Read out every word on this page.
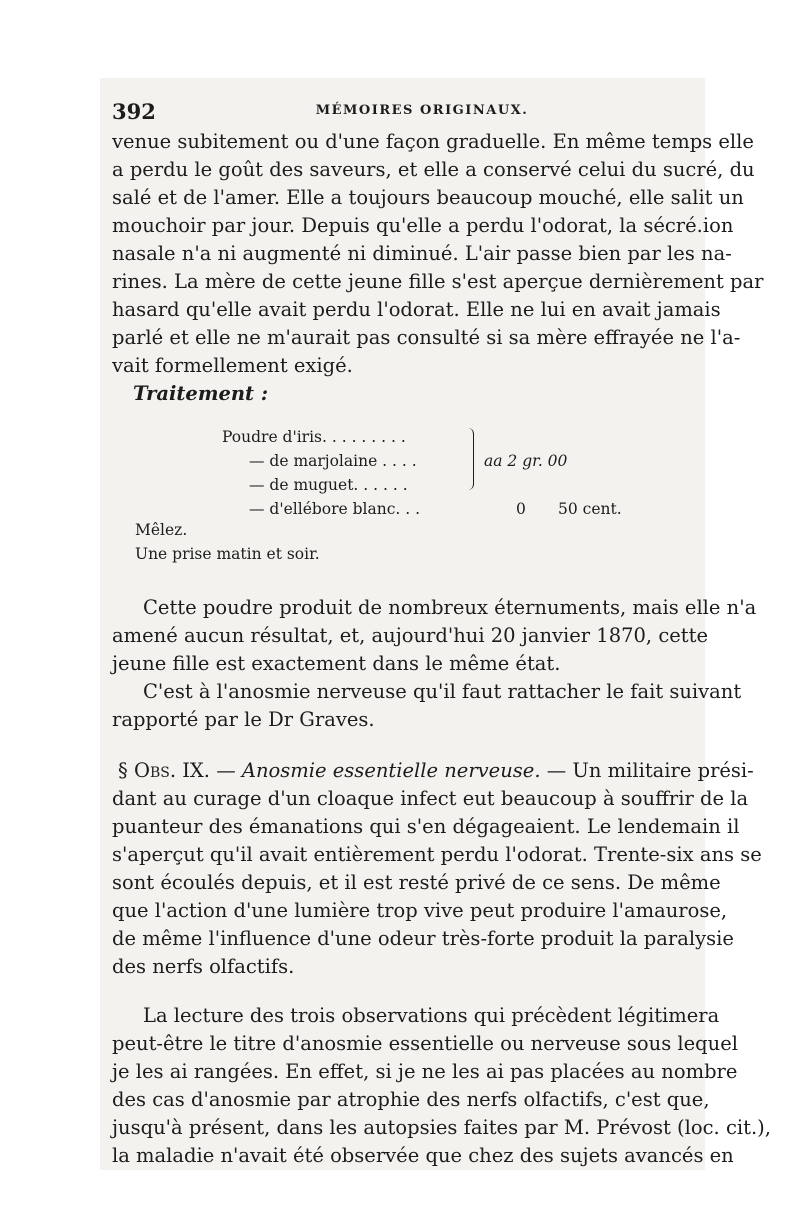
392	MÉMOIRES ORIGINAUX.
venue subitement ou d'une façon graduelle. En même temps elle
a perdu le goût des saveurs, et elle a conservé celui du sucré, du
salé et de l'amer. Elle a toujours beaucoup mouché, elle salit un
mouchoir par jour. Depuis qu'elle a perdu l'odorat, la sécré.ion
nasale n'a ni augmenté ni diminué. L'air passe bien par les na-
rines. La mère de cette jeune fille s'est aperçue dernièrement par
hasard qu'elle avait perdu l'odorat. Elle ne lui en avait jamais
parlé et elle ne m'aurait pas consulté si sa mère effrayée ne l'a-
vait formellement exigé.
Traitement :
Poudre d'iris. . . . . . . . .
— de marjolaine . . . .
— de muguet. . . . . .
— d'ellébore blanc. . .
aa 2 gr. 00
0 50 cent.
Mêlez.
Une prise matin et soir.
Cette poudre produit de nombreux éternuments, mais elle n'a
amené aucun résultat, et, aujourd'hui 20 janvier 1870, cette
jeune fille est exactement dans le même état.
C'est à l'anosmie nerveuse qu'il faut rattacher le fait suivant
rapporté par le Dr Graves.
§ Obs. IX. — Anosmie essentielle nerveuse. — Un militaire prési-
dant au curage d'un cloaque infect eut beaucoup à souffrir de la
puanteur des émanations qui s'en dégageaient. Le lendemain il
s'aperçut qu'il avait entièrement perdu l'odorat. Trente-six ans se
sont écoulés depuis, et il est resté privé de ce sens. De même
que l'action d'une lumière trop vive peut produire l'amaurose,
de même l'influence d'une odeur très-forte produit la paralysie
des nerfs olfactifs.
La lecture des trois observations qui précèdent légitimera
peut-être le titre d'anosmie essentielle ou nerveuse sous lequel
je les ai rangées. En effet, si je ne les ai pas placées au nombre
des cas d'anosmie par atrophie des nerfs olfactifs, c'est que,
jusqu'à présent, dans les autopsies faites par M. Prévost (loc. cit.),
la maladie n'avait été observée que chez des sujets avancés en
